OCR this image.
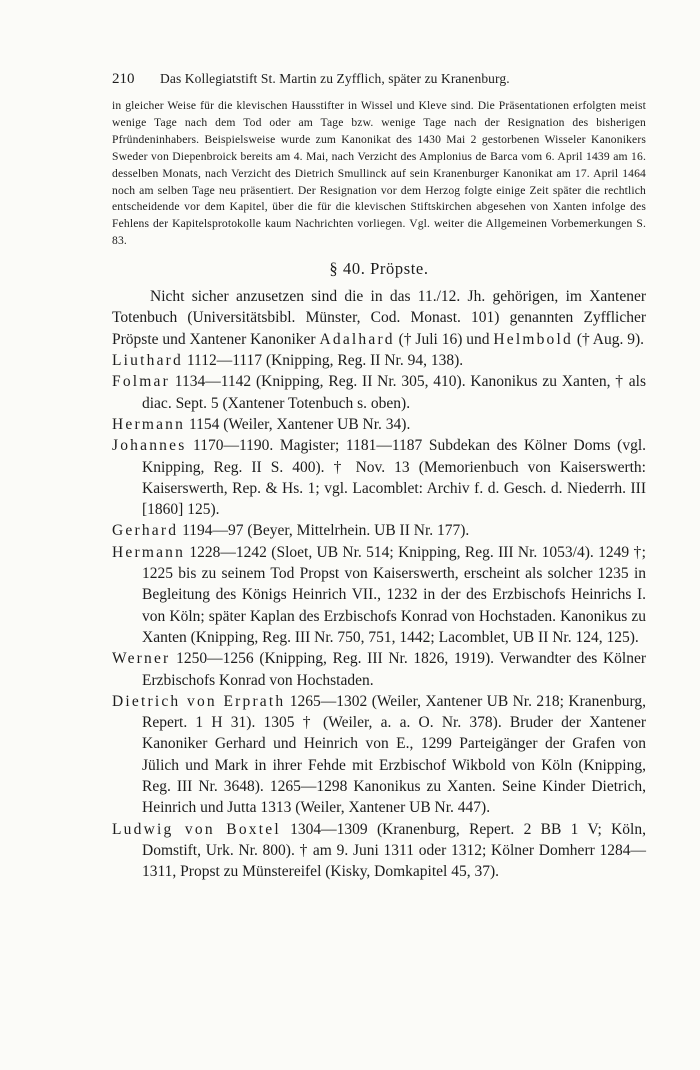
210	Das Kollegiatstift St. Martin zu Zyfflich, später zu Kranenburg.

in gleicher Weise für die klevischen Hausstifter in Wissel und Kleve sind. Die Präsentationen erfolgten meist wenige Tage nach dem Tod oder am Tage bzw. wenige Tage nach der Resignation des bisherigen Pfründeninhabers. Beispielsweise wurde zum Kanonikat des 1430 Mai 2 gestorbenen Wisseler Kanonikers Sweder von Diepenbroick bereits am 4. Mai, nach Verzicht des Amplonius de Barca vom 6. April 1439 am 16. desselben Monats, nach Verzicht des Dietrich Smullinck auf sein Kranenburger Kanonikat am 17. April 1464 noch am selben Tage neu präsentiert. Der Resignation vor dem Herzog folgte einige Zeit später die rechtlich entscheidende vor dem Kapitel, über die für die klevischen Stiftskirchen abgesehen von Xanten infolge des Fehlens der Kapitelsprotokolle kaum Nachrichten vorliegen. Vgl. weiter die Allgemeinen Vorbemerkungen S. 83.

§ 40. Pröpste.

Nicht sicher anzusetzen sind die in das 11./12. Jh. gehörigen, im Xantener Totenbuch (Universitätsbibl. Münster, Cod. Monast. 101) genannten Zyfflicher Pröpste und Xantener Kanoniker Adalhard († Juli 16) und Helmbold († Aug. 9).

Liuthard 1112—1117 (Knipping, Reg. II Nr. 94, 138).

Folmar 1134—1142 (Knipping, Reg. II Nr. 305, 410). Kanonikus zu Xanten, † als diac. Sept. 5 (Xantener Totenbuch s. oben).

Hermann 1154 (Weiler, Xantener UB Nr. 34).

Johannes 1170—1190. Magister; 1181—1187 Subdekan des Kölner Doms (vgl. Knipping, Reg. II S. 400). † Nov. 13 (Memorienbuch von Kaiserswerth: Kaiserswerth, Rep. & Hs. 1; vgl. Lacomblet: Archiv f. d. Gesch. d. Niederrh. III [1860] 125).

Gerhard 1194—97 (Beyer, Mittelrhein. UB II Nr. 177).

Hermann 1228—1242 (Sloet, UB Nr. 514; Knipping, Reg. III Nr. 1053/4). 1249 †; 1225 bis zu seinem Tod Propst von Kaiserswerth, erscheint als solcher 1235 in Begleitung des Königs Heinrich VII., 1232 in der des Erzbischofs Heinrichs I. von Köln; später Kaplan des Erzbischofs Konrad von Hochstaden. Kanonikus zu Xanten (Knipping, Reg. III Nr. 750, 751, 1442; Lacomblet, UB II Nr. 124, 125).

Werner 1250—1256 (Knipping, Reg. III Nr. 1826, 1919). Verwandter des Kölner Erzbischofs Konrad von Hochstaden.

Dietrich von Erprath 1265—1302 (Weiler, Xantener UB Nr. 218; Kranenburg, Repert. 1 H 31). 1305 † (Weiler, a. a. O. Nr. 378). Bruder der Xantener Kanoniker Gerhard und Heinrich von E., 1299 Parteigänger der Grafen von Jülich und Mark in ihrer Fehde mit Erzbischof Wikbold von Köln (Knipping, Reg. III Nr. 3648). 1265—1298 Kanonikus zu Xanten. Seine Kinder Dietrich, Heinrich und Jutta 1313 (Weiler, Xantener UB Nr. 447).

Ludwig von Boxtel 1304—1309 (Kranenburg, Repert. 2 BB 1 V; Köln, Domstift, Urk. Nr. 800). † am 9. Juni 1311 oder 1312; Kölner Domherr 1284—1311, Propst zu Münstereifel (Kisky, Domkapitel 45, 37).
